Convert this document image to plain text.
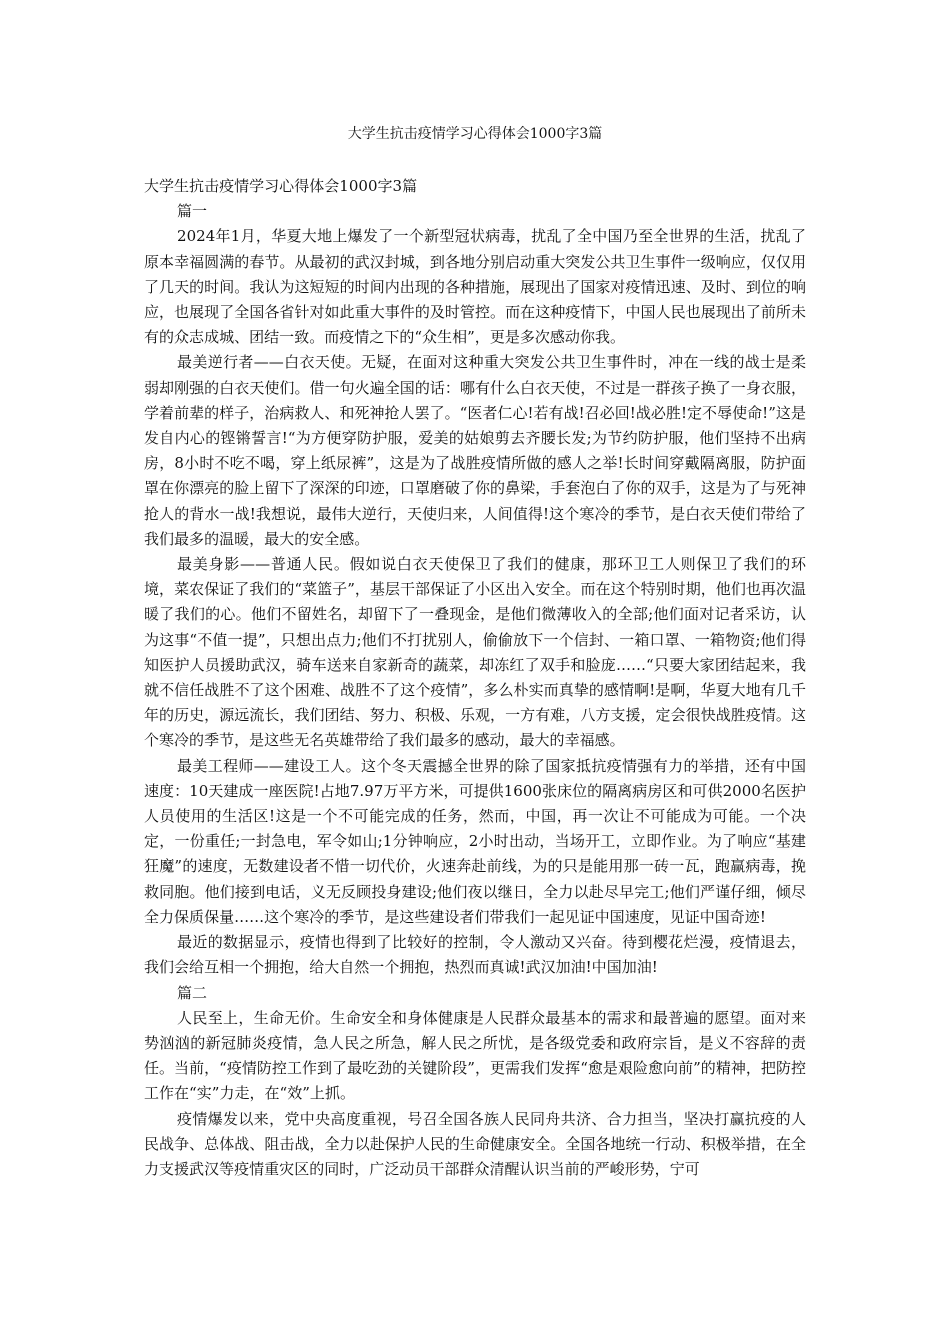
大学生抗击疫情学习心得体会1000字3篇

大学生抗击疫情学习心得体会1000字3篇

篇一

2024年1月，华夏大地上爆发了一个新型冠状病毒，扰乱了全中国乃至全世界的生活，扰乱了原本幸福圆满的春节。从最初的武汉封城，到各地分别启动重大突发公共卫生事件一级响应，仅仅用了几天的时间。我认为这短短的时间内出现的各种措施，展现出了国家对疫情迅速、及时、到位的响应，也展现了全国各省针对如此重大事件的及时管控。而在这种疫情下，中国人民也展现出了前所未有的众志成城、团结一致。而疫情之下的“众生相”，更是多次感动你我。

最美逆行者——白衣天使。无疑，在面对这种重大突发公共卫生事件时，冲在一线的战士是柔弱却刚强的白衣天使们。借一句火遍全国的话：哪有什么白衣天使，不过是一群孩子换了一身衣服，学着前辈的样子，治病救人、和死神抢人罢了。“医者仁心!若有战!召必回!战必胜!定不辱使命!”这是发自内心的铿锵誓言!“为方便穿防护服，爱美的姑娘剪去齐腰长发;为节约防护服，他们坚持不出病房，8小时不吃不喝，穿上纸尿裤”，这是为了战胜疫情所做的感人之举!长时间穿戴隔离服，防护面罩在你漂亮的脸上留下了深深的印迹，口罩磨破了你的鼻梁，手套泡白了你的双手，这是为了与死神抢人的背水一战!我想说，最伟大逆行，天使归来，人间值得!这个寒冷的季节，是白衣天使们带给了我们最多的温暖，最大的安全感。

最美身影——普通人民。假如说白衣天使保卫了我们的健康，那环卫工人则保卫了我们的环境，菜农保证了我们的“菜篮子”，基层干部保证了小区出入安全。而在这个特别时期，他们也再次温暖了我们的心。他们不留姓名，却留下了一叠现金，是他们微薄收入的全部;他们面对记者采访，认为这事“不值一提”，只想出点力;他们不打扰别人，偷偷放下一个信封、一箱口罩、一箱物资;他们得知医护人员援助武汉，骑车送来自家新奇的蔬菜，却冻红了双手和脸庞……“只要大家团结起来，我就不信任战胜不了这个困难、战胜不了这个疫情”，多么朴实而真挚的感情啊!是啊，华夏大地有几千年的历史，源远流长，我们团结、努力、积极、乐观，一方有难，八方支援，定会很快战胜疫情。这个寒冷的季节，是这些无名英雄带给了我们最多的感动，最大的幸福感。

最美工程师——建设工人。这个冬天震撼全世界的除了国家抵抗疫情强有力的举措，还有中国速度：10天建成一座医院!占地7.97万平方米，可提供1600张床位的隔离病房区和可供2000名医护人员使用的生活区!这是一个不可能完成的任务，然而，中国，再一次让不可能成为可能。一个决定，一份重任;一封急电，军令如山;1分钟响应，2小时出动，当场开工，立即作业。为了响应“基建狂魔”的速度，无数建设者不惜一切代价，火速奔赴前线，为的只是能用那一砖一瓦，跑赢病毒，挽救同胞。他们接到电话，义无反顾投身建设;他们夜以继日，全力以赴尽早完工;他们严谨仔细，倾尽全力保质保量……这个寒冷的季节，是这些建设者们带我们一起见证中国速度，见证中国奇迹!

最近的数据显示，疫情也得到了比较好的控制，令人激动又兴奋。待到樱花烂漫，疫情退去，我们会给互相一个拥抱，给大自然一个拥抱，热烈而真诚!武汉加油!中国加油!

篇二

人民至上，生命无价。生命安全和身体健康是人民群众最基本的需求和最普遍的愿望。面对来势汹汹的新冠肺炎疫情，急人民之所急，解人民之所忧，是各级党委和政府宗旨，是义不容辞的责任。当前，“疫情防控工作到了最吃劲的关键阶段”，更需我们发挥“愈是艰险愈向前”的精神，把防控工作在“实”力走，在“效”上抓。

疫情爆发以来，党中央高度重视，号召全国各族人民同舟共济、合力担当，坚决打赢抗疫的人民战争、总体战、阻击战，全力以赴保护人民的生命健康安全。全国各地统一行动、积极举措，在全力支援武汉等疫情重灾区的同时，广泛动员干部群众清醒认识当前的严峻形势，宁可
